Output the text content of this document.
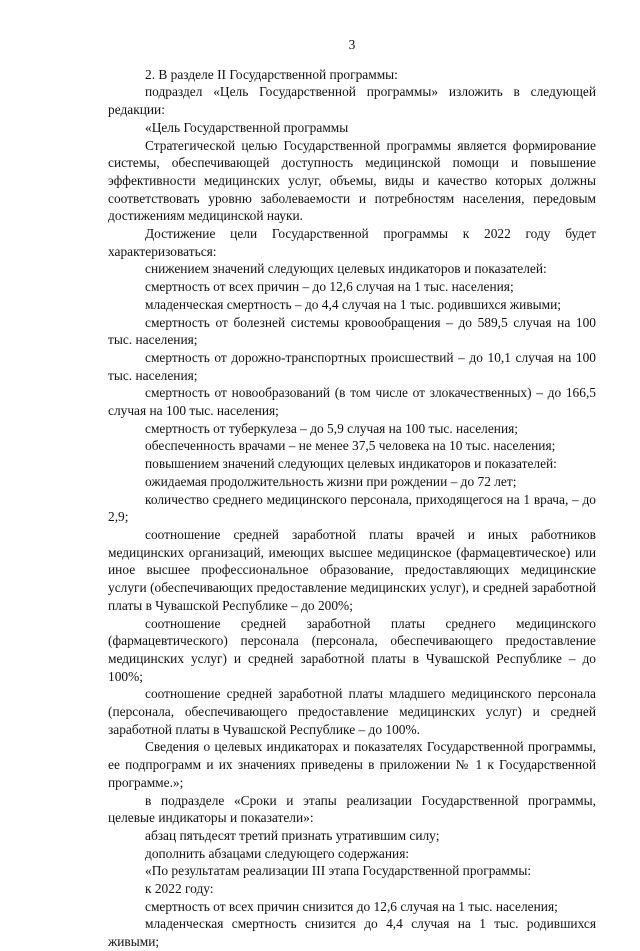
3

2. В разделе II Государственной программы:

подраздел «Цель Государственной программы» изложить в следующей редакции:

«Цель Государственной программы

Стратегической целью Государственной программы является формирование системы, обеспечивающей доступность медицинской помощи и повышение эффективности медицинских услуг, объемы, виды и качество которых должны соответствовать уровню заболеваемости и потребностям населения, передовым достижениям медицинской науки.

Достижение цели Государственной программы к 2022 году будет характеризоваться:

снижением значений следующих целевых индикаторов и показателей:

смертность от всех причин – до 12,6 случая на 1 тыс. населения;

младенческая смертность – до 4,4 случая на 1 тыс. родившихся живыми;

смертность от болезней системы кровообращения – до 589,5 случая на 100 тыс. населения;

смертность от дорожно-транспортных происшествий – до 10,1 случая на 100 тыс. населения;

смертность от новообразований (в том числе от злокачественных) – до 166,5 случая на 100 тыс. населения;

смертность от туберкулеза – до 5,9 случая на 100 тыс. населения;

обеспеченность врачами – не менее 37,5 человека на 10 тыс. населения;

повышением значений следующих целевых индикаторов и показателей:

ожидаемая продолжительность жизни при рождении – до 72 лет;

количество среднего медицинского персонала, приходящегося на 1 врача, – до 2,9;

соотношение средней заработной платы врачей и иных работников медицинских организаций, имеющих высшее медицинское (фармацевтическое) или иное высшее профессиональное образование, предоставляющих медицинские услуги (обеспечивающих предоставление медицинских услуг), и средней заработной платы в Чувашской Республике – до 200%;

соотношение средней заработной платы среднего медицинского (фармацевтического) персонала (персонала, обеспечивающего предоставление медицинских услуг) и средней заработной платы в Чувашской Республике – до 100%;

соотношение средней заработной платы младшего медицинского персонала (персонала, обеспечивающего предоставление медицинских услуг) и средней заработной платы в Чувашской Республике – до 100%.

Сведения о целевых индикаторах и показателях Государственной программы, ее подпрограмм и их значениях приведены в приложении № 1 к Государственной программе.»;

в подразделе «Сроки и этапы реализации Государственной программы, целевые индикаторы и показатели»:

абзац пятьдесят третий признать утратившим силу;

дополнить абзацами следующего содержания:

«По результатам реализации III этапа Государственной программы:

к 2022 году:

смертность от всех причин снизится до 12,6 случая на 1 тыс. населения;

младенческая смертность снизится до 4,4 случая на 1 тыс. родившихся живыми;
